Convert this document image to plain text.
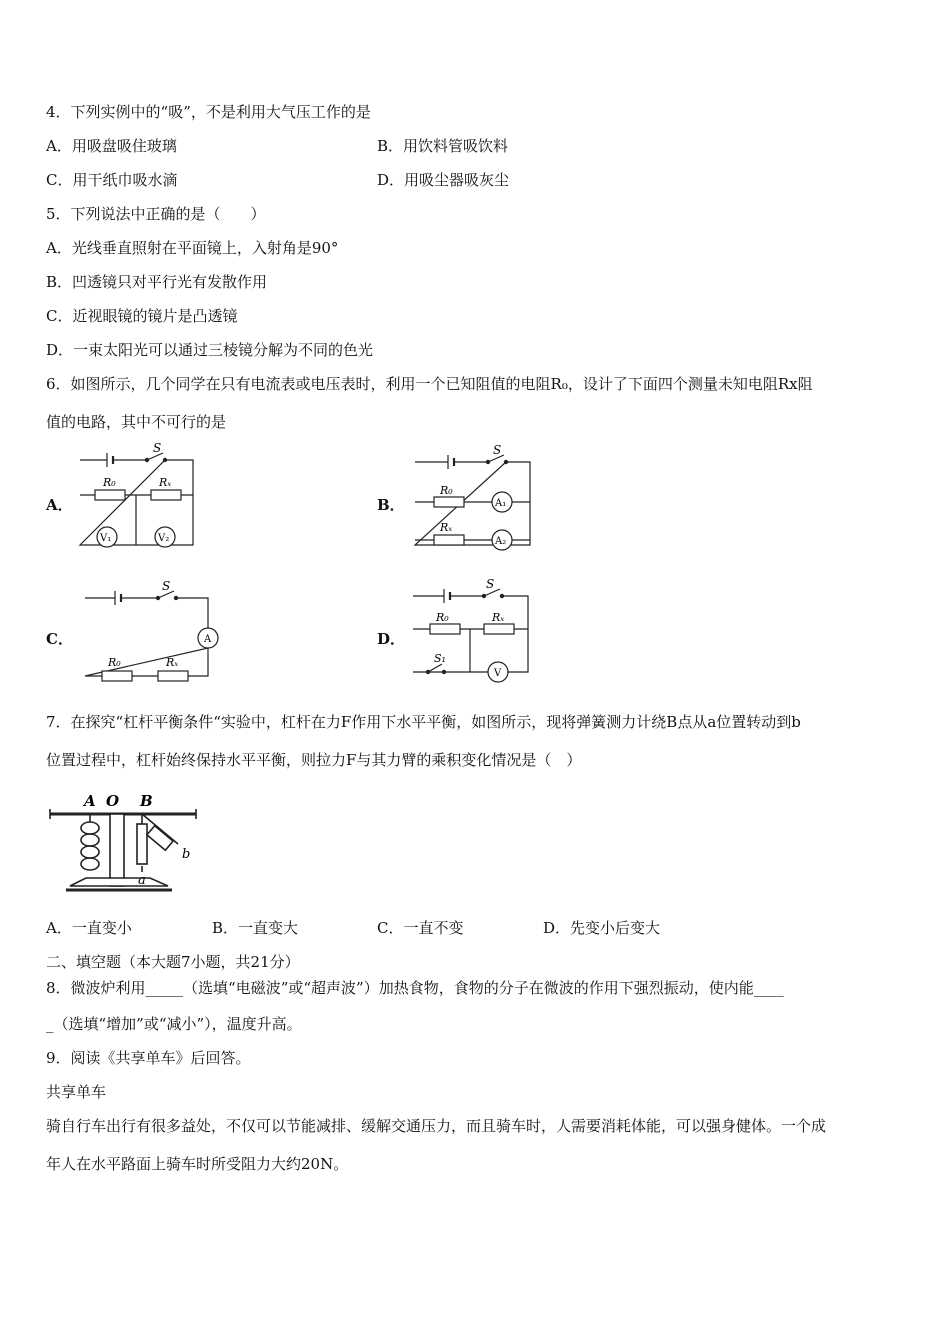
4．下列实例中的“吸”，不是利用大气压工作的是
A．用吸盘吸住玻璃	B．用饮料管吸饮料
C．用干纸巾吸水滴	D．用吸尘器吸灰尘
5．下列说法中正确的是（　　）
A．光线垂直照射在平面镜上，入射角是90°
B．凹透镜只对平行光有发散作用
C．近视眼镜的镜片是凸透镜
D．一束太阳光可以通过三棱镜分解为不同的色光
6．如图所示，几个同学在只有电流表或电压表时，利用一个已知阻值的电阻R₀，设计了下面四个测量未知电阻Rx阻
值的电路，其中不可行的是
A．	B．
C．	D．
S
R₀	Rₓ
V₁	V₂
S
R₀
Rₓ
A₁
A₂
S
R₀	Rₓ
A
S
R₀	Rₓ
S₁
V
7．在探究“杠杆平衡条件“实验中，杠杆在力F作用下水平平衡，如图所示，现将弹簧测力计绕B点从a位置转动到b
位置过程中，杠杆始终保持水平平衡，则拉力F与其力臂的乘积变化情况是（　）
A O B
a
b
A．一直变小	B．一直变大	C．一直不变	D．先变小后变大
二、填空题（本大题7小题，共21分）
8．微波炉利用_____（选填“电磁波”或“超声波”）加热食物，食物的分子在微波的作用下强烈振动，使内能____
_（选填“增加”或“减小”），温度升高。
9．阅读《共享单车》后回答。
共享单车
骑自行车出行有很多益处，不仅可以节能减排、缓解交通压力，而且骑车时，人需要消耗体能，可以强身健体。一个成
年人在水平路面上骑车时所受阻力大约20N。
